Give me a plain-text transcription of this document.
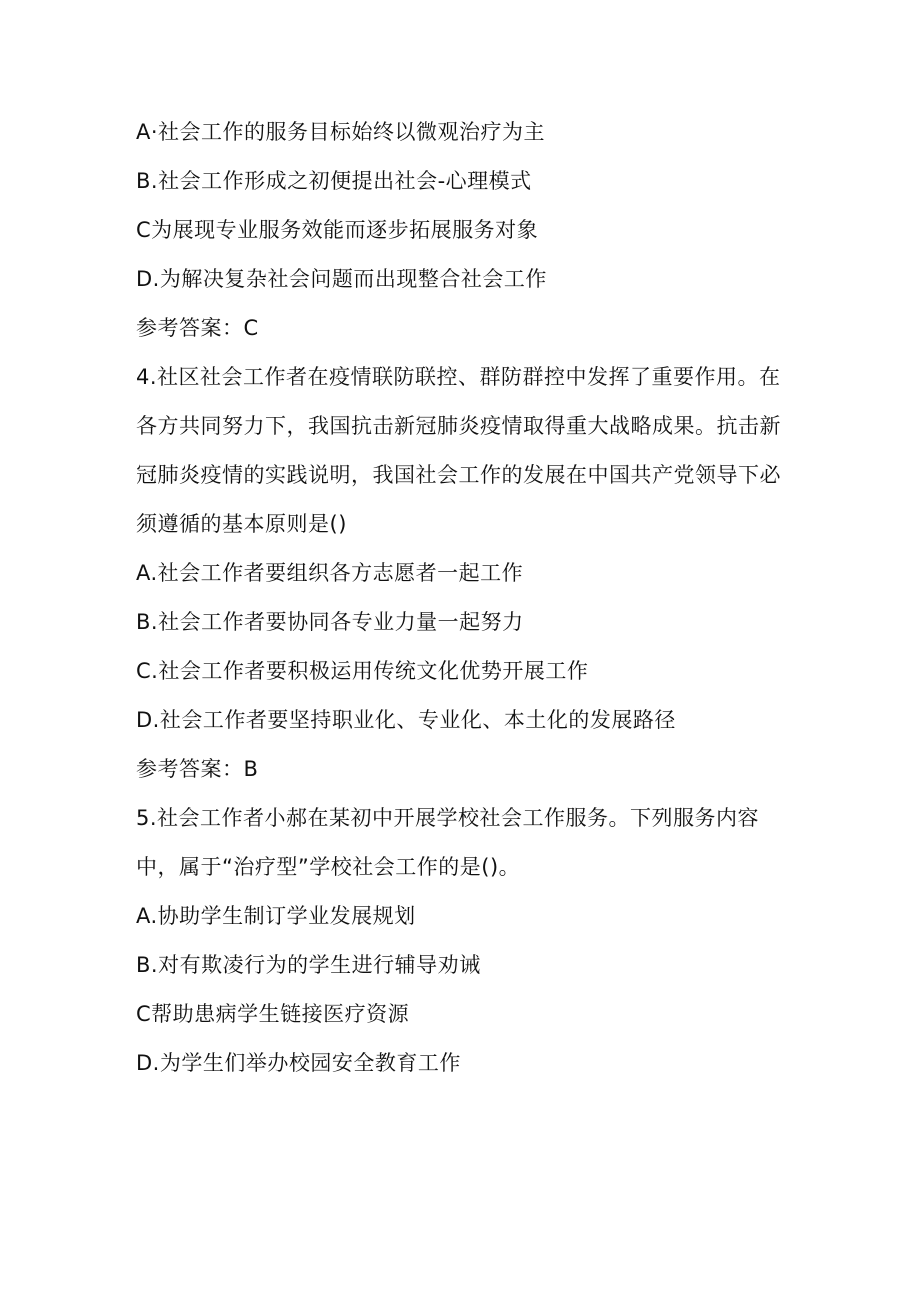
A·社会工作的服务目标始终以微观治疗为主
B.社会工作形成之初便提出社会-心理模式
C为展现专业服务效能而逐步拓展服务对象
D.为解决复杂社会问题而出现整合社会工作
参考答案：C
4.社区社会工作者在疫情联防联控、群防群控中发挥了重要作用。在
各方共同努力下，我国抗击新冠肺炎疫情取得重大战略成果。抗击新
冠肺炎疫情的实践说明，我国社会工作的发展在中国共产党领导下必
须遵循的基本原则是()
A.社会工作者要组织各方志愿者一起工作
B.社会工作者要协同各专业力量一起努力
C.社会工作者要积极运用传统文化优势开展工作
D.社会工作者要坚持职业化、专业化、本土化的发展路径
参考答案：B
5.社会工作者小郝在某初中开展学校社会工作服务。下列服务内容
中，属于“治疗型”学校社会工作的是()。
A.协助学生制订学业发展规划
B.对有欺凌行为的学生进行辅导劝诫
C帮助患病学生链接医疗资源
D.为学生们举办校园安全教育工作
